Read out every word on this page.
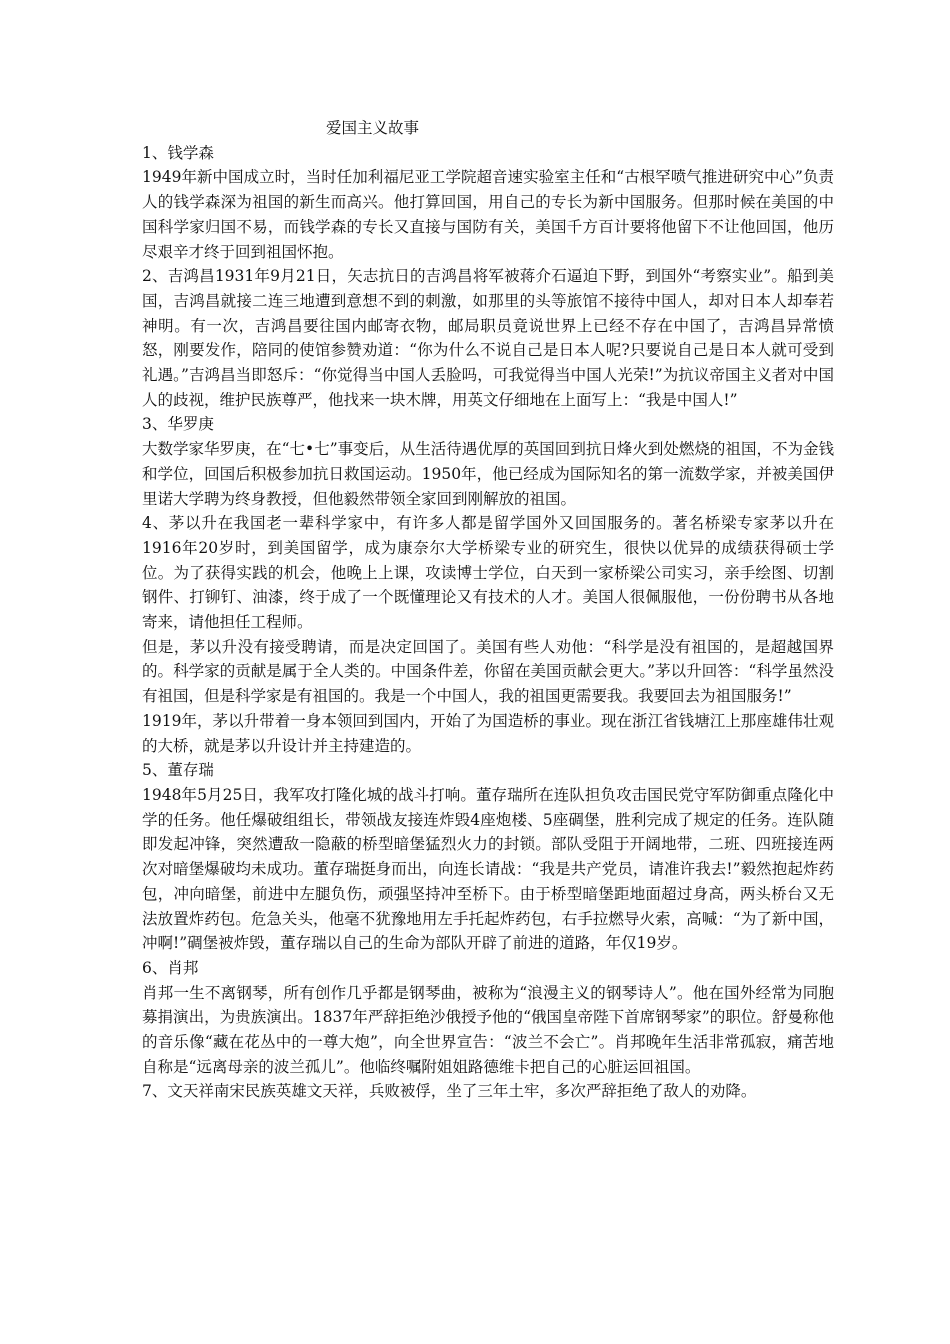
爱国主义故事

1、钱学森

1949年新中国成立时，当时任加利福尼亚工学院超音速实验室主任和“古根罕喷气推进研究中心”负责人的钱学森深为祖国的新生而高兴。他打算回国，用自己的专长为新中国服务。但那时候在美国的中国科学家归国不易，而钱学森的专长又直接与国防有关，美国千方百计要将他留下不让他回国，他历尽艰辛才终于回到祖国怀抱。

2、吉鸿昌1931年9月21日，矢志抗日的吉鸿昌将军被蒋介石逼迫下野，到国外“考察实业”。船到美国，吉鸿昌就接二连三地遭到意想不到的刺激，如那里的头等旅馆不接待中国人，却对日本人却奉若神明。有一次，吉鸿昌要往国内邮寄衣物，邮局职员竟说世界上已经不存在中国了，吉鸿昌异常愤怒，刚要发作，陪同的使馆参赞劝道：“你为什么不说自己是日本人呢?只要说自己是日本人就可受到礼遇。”吉鸿昌当即怒斥：“你觉得当中国人丢脸吗，可我觉得当中国人光荣!”为抗议帝国主义者对中国人的歧视，维护民族尊严，他找来一块木牌，用英文仔细地在上面写上：“我是中国人!”

3、华罗庚

大数学家华罗庚，在“七•七”事变后，从生活待遇优厚的英国回到抗日烽火到处燃烧的祖国，不为金钱和学位，回国后积极参加抗日救国运动。1950年，他已经成为国际知名的第一流数学家，并被美国伊里诺大学聘为终身教授，但他毅然带领全家回到刚解放的祖国。

4、茅以升在我国老一辈科学家中，有许多人都是留学国外又回国服务的。著名桥梁专家茅以升在1916年20岁时，到美国留学，成为康奈尔大学桥梁专业的研究生，很快以优异的成绩获得硕士学位。为了获得实践的机会，他晚上上课，攻读博士学位，白天到一家桥梁公司实习，亲手绘图、切割钢件、打铆钉、油漆，终于成了一个既懂理论又有技术的人才。美国人很佩服他，一份份聘书从各地寄来，请他担任工程师。

但是，茅以升没有接受聘请，而是决定回国了。美国有些人劝他：“科学是没有祖国的，是超越国界的。科学家的贡献是属于全人类的。中国条件差，你留在美国贡献会更大。”茅以升回答：“科学虽然没有祖国，但是科学家是有祖国的。我是一个中国人，我的祖国更需要我。我要回去为祖国服务!”

1919年，茅以升带着一身本领回到国内，开始了为国造桥的事业。现在浙江省钱塘江上那座雄伟壮观的大桥，就是茅以升设计并主持建造的。

5、董存瑞

1948年5月25日，我军攻打隆化城的战斗打响。董存瑞所在连队担负攻击国民党守军防御重点隆化中学的任务。他任爆破组组长，带领战友接连炸毁4座炮楼、5座碉堡，胜利完成了规定的任务。连队随即发起冲锋，突然遭敌一隐蔽的桥型暗堡猛烈火力的封锁。部队受阻于开阔地带，二班、四班接连两次对暗堡爆破均未成功。董存瑞挺身而出，向连长请战：“我是共产党员，请准许我去!”毅然抱起炸药包，冲向暗堡，前进中左腿负伤，顽强坚持冲至桥下。由于桥型暗堡距地面超过身高，两头桥台又无法放置炸药包。危急关头，他毫不犹豫地用左手托起炸药包，右手拉燃导火索，高喊：“为了新中国，冲啊!”碉堡被炸毁，董存瑞以自己的生命为部队开辟了前进的道路，年仅19岁。

6、肖邦

肖邦一生不离钢琴，所有创作几乎都是钢琴曲，被称为“浪漫主义的钢琴诗人”。他在国外经常为同胞募捐演出，为贵族演出。1837年严辞拒绝沙俄授予他的“俄国皇帝陛下首席钢琴家”的职位。舒曼称他的音乐像“藏在花丛中的一尊大炮”，向全世界宣告：“波兰不会亡”。肖邦晚年生活非常孤寂，痛苦地自称是“远离母亲的波兰孤儿”。他临终嘱附姐姐路德维卡把自己的心脏运回祖国。

7、文天祥南宋民族英雄文天祥，兵败被俘，坐了三年土牢，多次严辞拒绝了敌人的劝降。
